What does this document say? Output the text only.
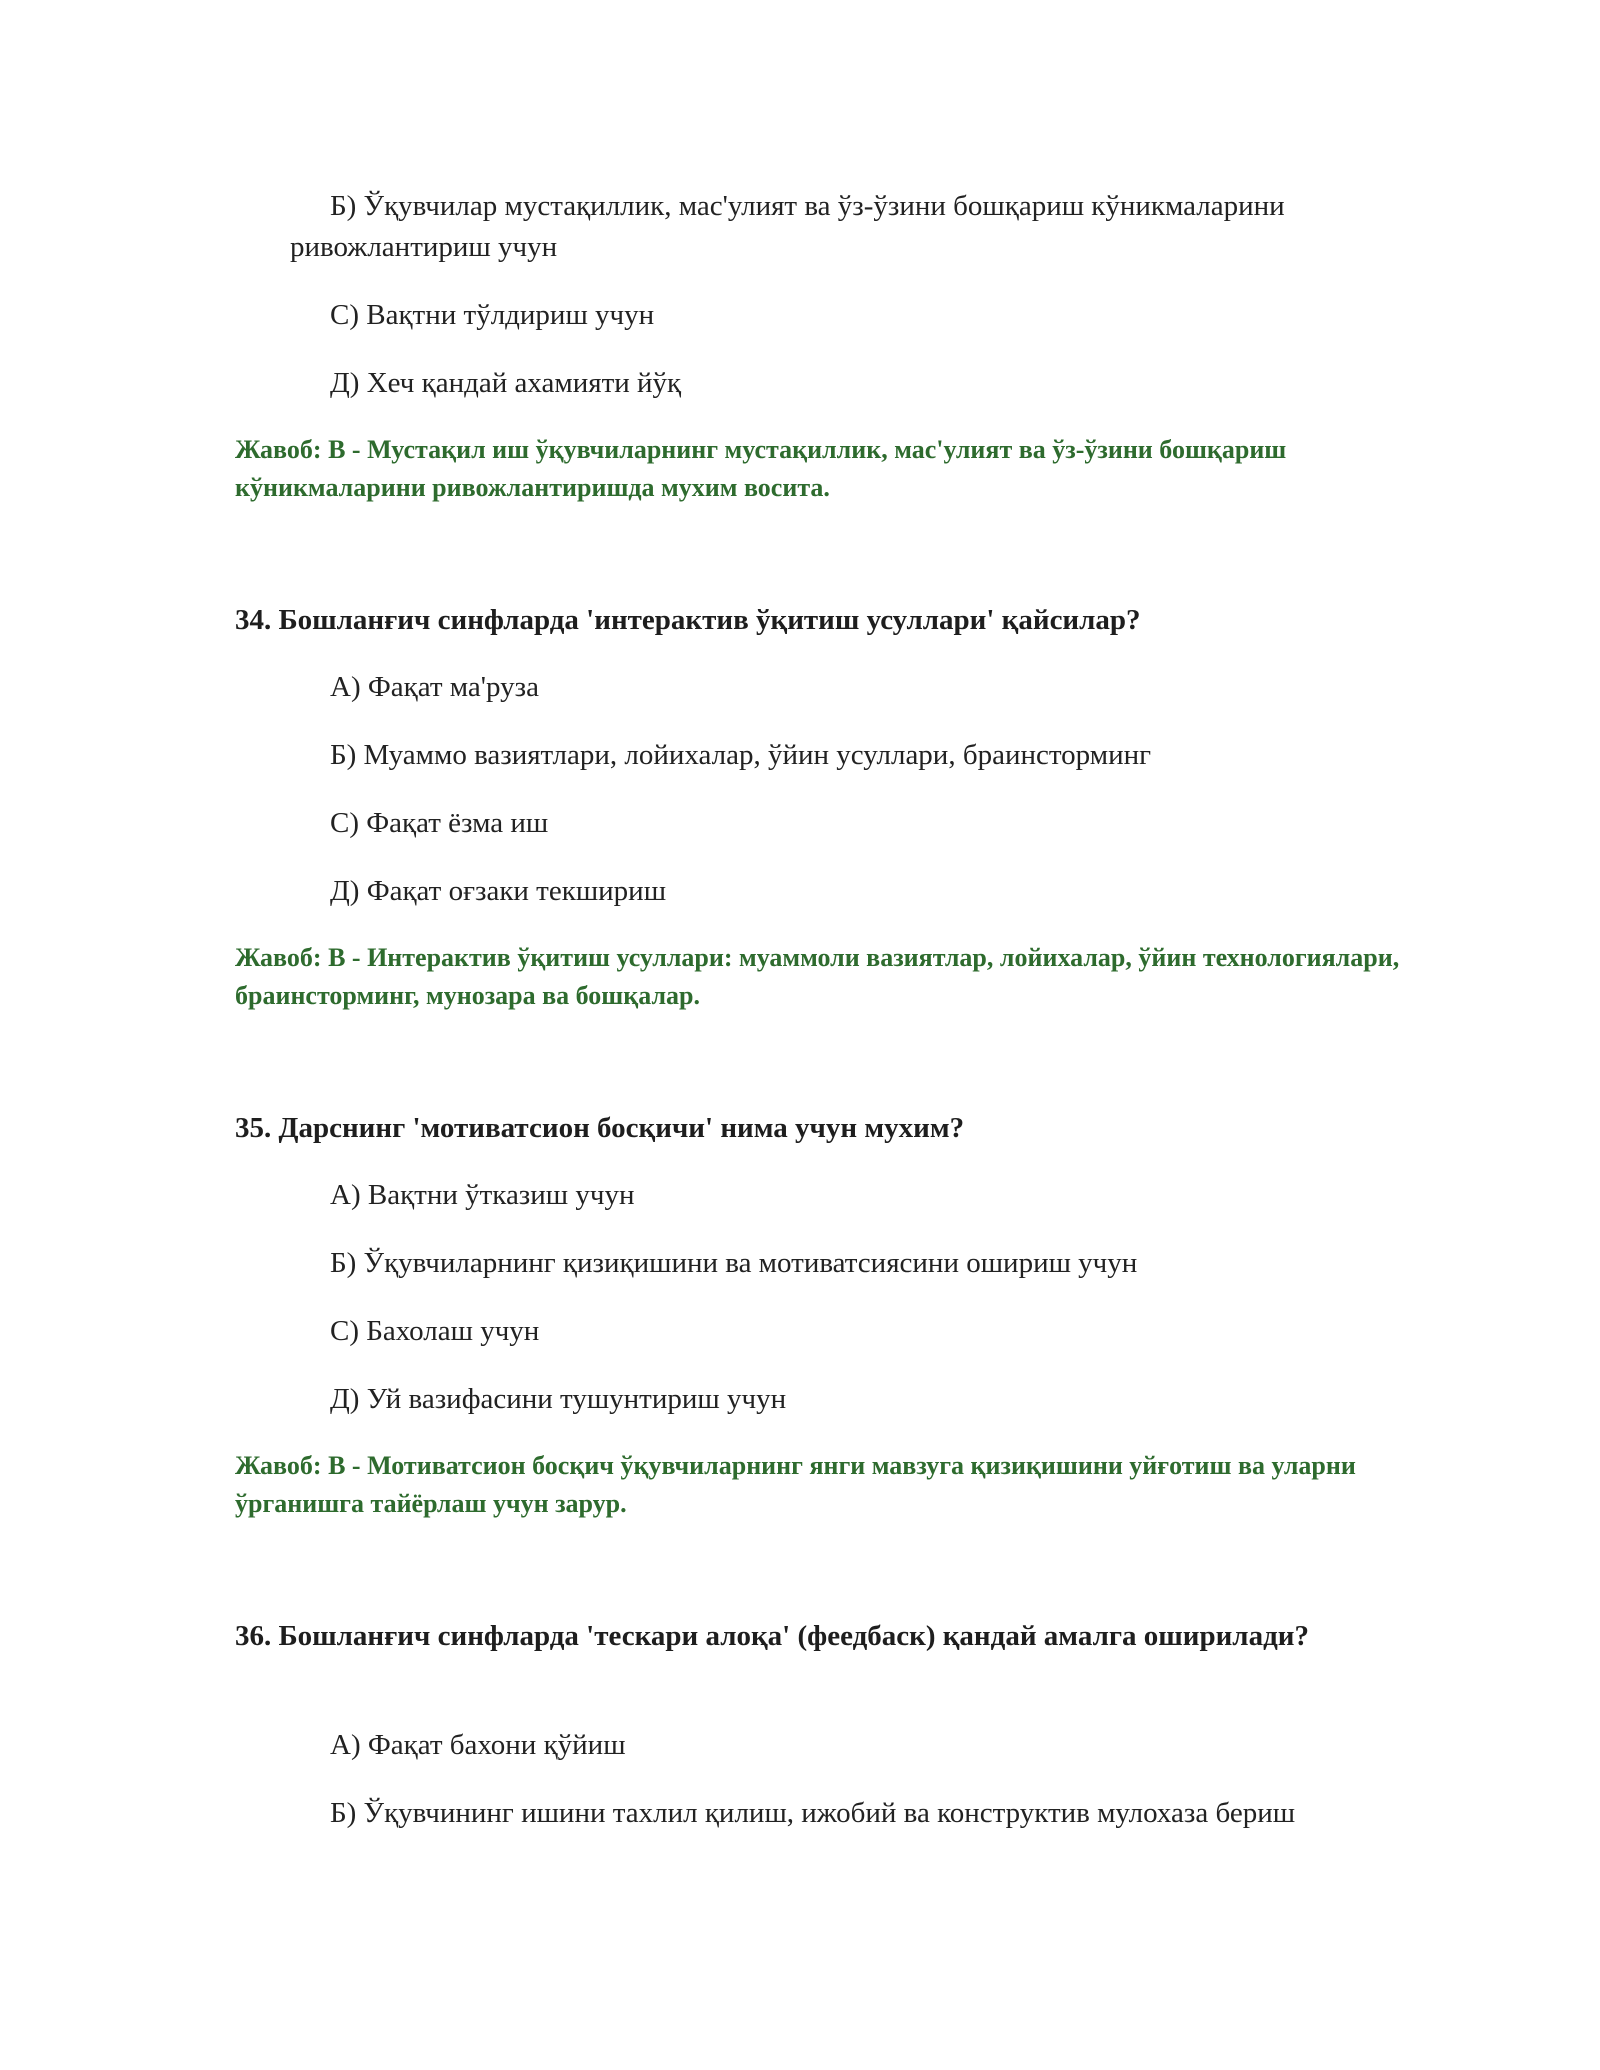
Б) Ўқувчилар мустақиллик, мас'улият ва ўз-ўзини бошқариш кўникмаларини ривожлантириш учун
С) Вақтни тўлдириш учун
Д) Хеч қандай ахамияти йўқ
Жавоб: B - Мустақил иш ўқувчиларнинг мустақиллик, мас'улият ва ўз-ўзини бошқариш кўникмаларини ривожлантиришда мухим восита.
34. Бошланғич синфларда 'интерактив ўқитиш усуллари' қайсилар?
А) Фақат ма'руза
Б) Муаммо вазиятлари, лойихалар, ўйин усуллари, браинсторминг
С) Фақат ёзма иш
Д) Фақат оғзаки текшириш
Жавоб: B - Интерактив ўқитиш усуллари: муаммоли вазиятлар, лойихалар, ўйин технологиялари, браинсторминг, мунозара ва бошқалар.
35. Дарснинг 'мотиватсион босқичи' нима учун мухим?
А) Вақтни ўтказиш учун
Б) Ўқувчиларнинг қизиқишини ва мотиватсиясини ошириш учун
С) Бахолаш учун
Д) Уй вазифасини тушунтириш учун
Жавоб: B - Мотиватсион босқич ўқувчиларнинг янги мавзуга қизиқишини уйғотиш ва уларни ўрганишга тайёрлаш учун зарур.
36. Бошланғич синфларда 'тескари алоқа' (феедбаск) қандай амалга оширилади?
А) Фақат бахони қўйиш
Б) Ўқувчининг ишини тахлил қилиш, ижобий ва конструктив мулохаза бериш
